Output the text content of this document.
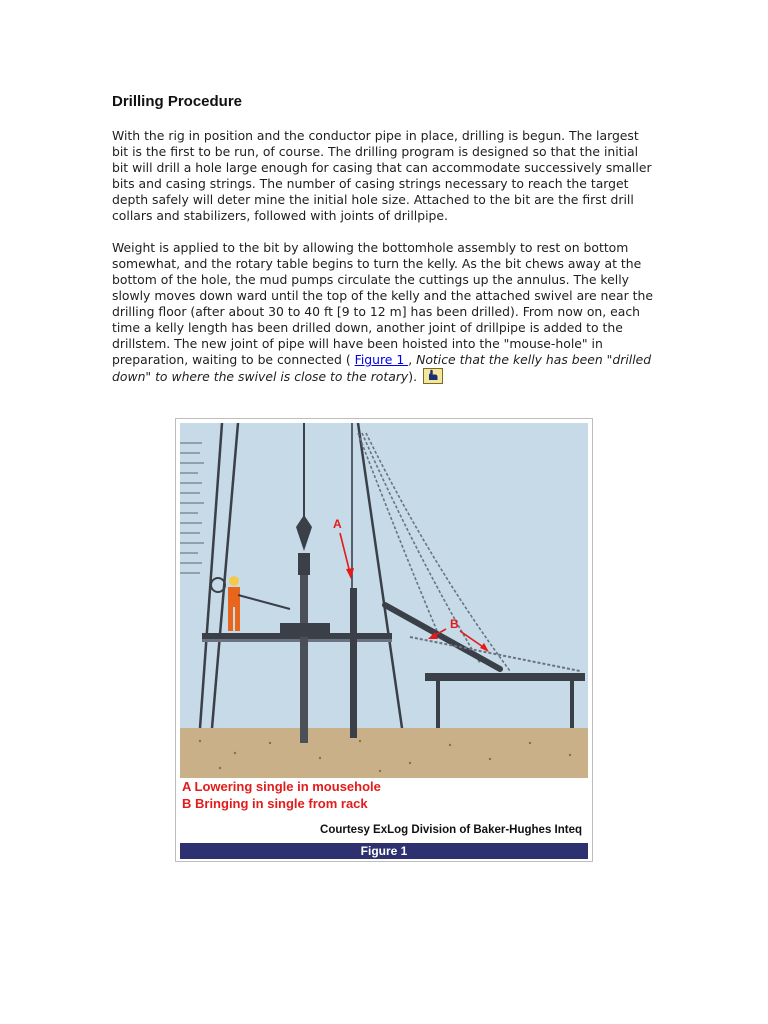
Drilling Procedure

With the rig in position and the conductor pipe in place, drilling is begun. The largest bit is the first to be run, of course. The drilling program is designed so that the initial bit will drill a hole large enough for casing that can accommodate successively smaller bits and casing strings. The number of casing strings necessary to reach the target depth safely will deter mine the initial hole size. Attached to the bit are the first drill collars and stabilizers, followed with joints of drillpipe.

Weight is applied to the bit by allowing the bottomhole assembly to rest on bottom somewhat, and the rotary table begins to turn the kelly. As the bit chews away at the bottom of the hole, the mud pumps circulate the cuttings up the annulus. The kelly slowly moves down ward until the top of the kelly and the attached swivel are near the drilling floor (after about 30 to 40 ft [9 to 12 m] has been drilled). From now on, each time a kelly length has been drilled down, another joint of drillpipe is added to the drillstem. The new joint of pipe will have been hoisted into the "mouse-hole" in preparation, waiting to be connected ( Figure 1 , Notice that the kelly has been "drilled down" to where the swivel is close to the rotary).

A
B
A Lowering single in mousehole
B Bringing in single from rack
Courtesy ExLog Division of Baker-Hughes Inteq
Figure 1
